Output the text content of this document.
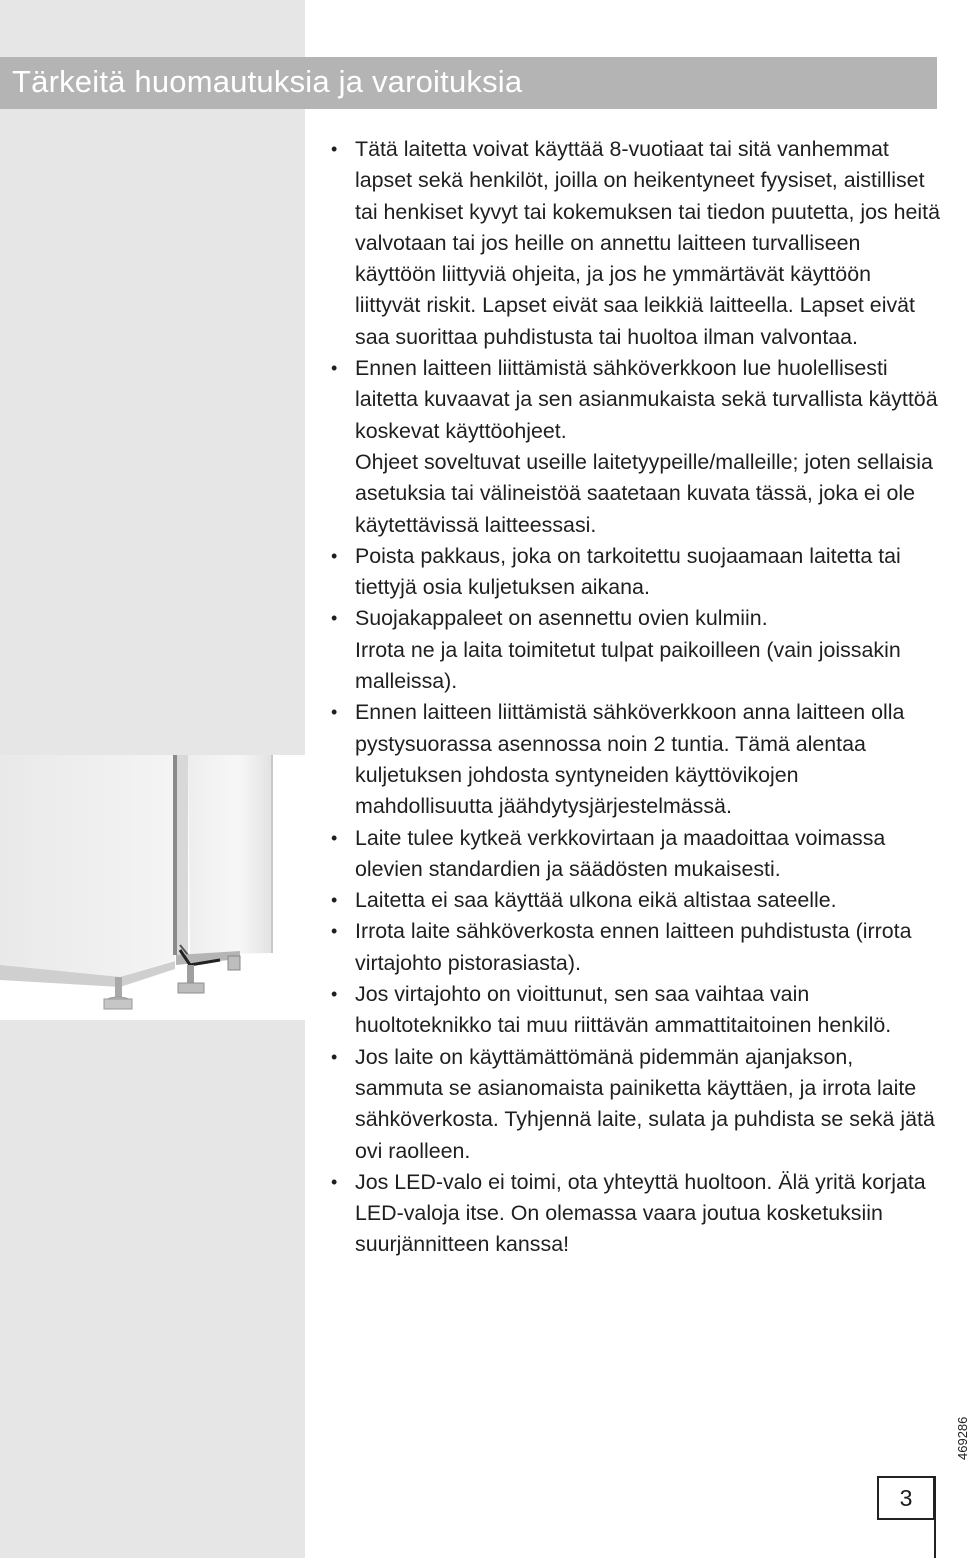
Tärkeitä huomautuksia ja varoituksia
• Tätä laitetta voivat käyttää 8-vuotiaat tai sitä vanhemmat lapset sekä henkilöt, joilla on heikentyneet fyysiset, aistilliset tai henkiset kyvyt tai kokemuksen tai tiedon puutetta, jos heitä valvotaan tai jos heille on annettu laitteen turvalliseen käyttöön liittyviä ohjeita, ja jos he ymmärtävät käyttöön liittyvät riskit. Lapset eivät saa leikkiä laitteella. Lapset eivät saa suorittaa puhdistusta tai huoltoa ilman valvontaa.
• Ennen laitteen liittämistä sähköverkkoon lue huolellisesti laitetta kuvaavat ja sen asianmukaista sekä turvallista käyttöä koskevat käyttöohjeet.
Ohjeet soveltuvat useille laitetyypeille/malleille; joten sellaisia asetuksia tai välineistöä saatetaan kuvata tässä, joka ei ole käytettävissä laitteessasi.
• Poista pakkaus, joka on tarkoitettu suojaamaan laitetta tai tiettyjä osia kuljetuksen aikana.
• Suojakappaleet on asennettu ovien kulmiin.
Irrota ne ja laita toimitetut tulpat paikoilleen (vain joissakin malleissa).
• Ennen laitteen liittämistä sähköverkkoon anna laitteen olla pystysuorassa asennossa noin 2 tuntia. Tämä alentaa kuljetuksen johdosta syntyneiden käyttövikojen mahdollisuutta jäähdytysjärjestelmässä.
• Laite tulee kytkeä verkkovirtaan ja maadoittaa voimassa olevien standardien ja säädösten mukaisesti.
• Laitetta ei saa käyttää ulkona eikä altistaa sateelle.
• Irrota laite sähköverkosta ennen laitteen puhdistusta (irrota virtajohto pistorasiasta).
• Jos virtajohto on vioittunut, sen saa vaihtaa vain huoltoteknikko tai muu riittävän ammattitaitoinen henkilö.
• Jos laite on käyttämättömänä pidemmän ajanjakson, sammuta se asianomaista painiketta käyttäen, ja irrota laite sähköverkosta. Tyhjennä laite, sulata ja puhdista se sekä jätä ovi raolleen.
• Jos LED-valo ei toimi, ota yhteyttä huoltoon. Älä yritä korjata LED-valoja itse. On olemassa vaara joutua kosketuksiin suurjännitteen kanssa!
3
469286
